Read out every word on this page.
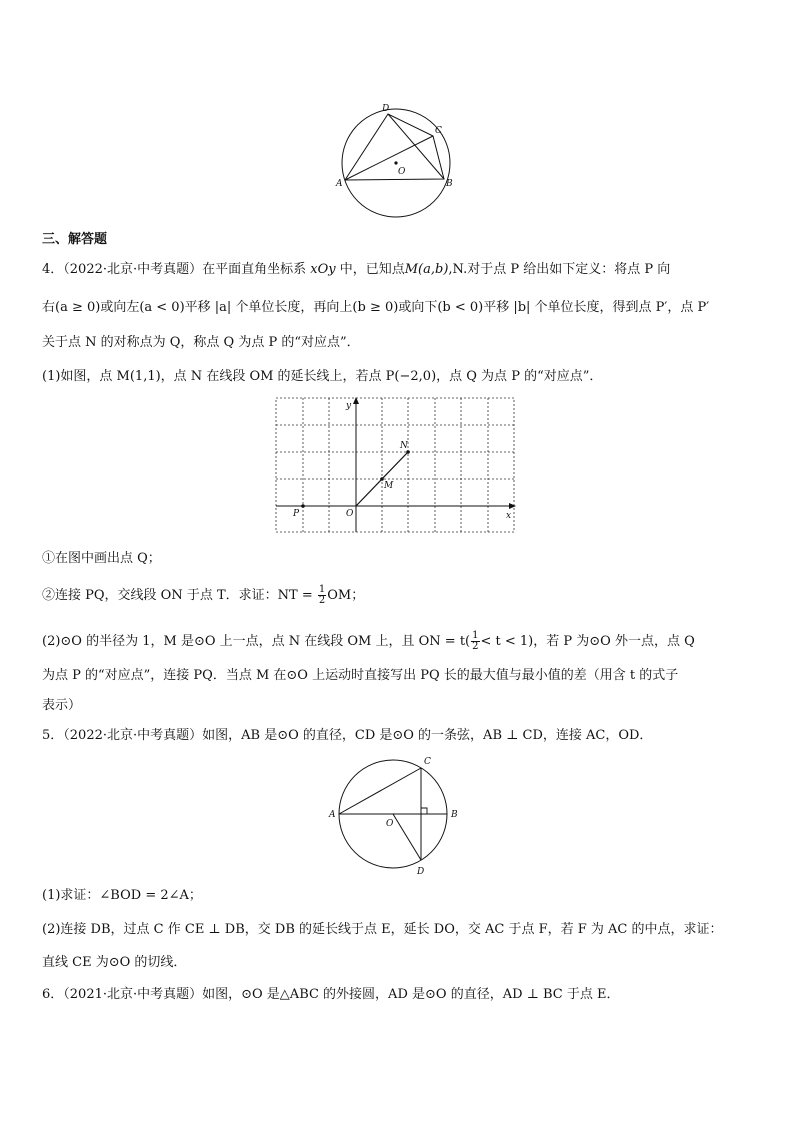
D
C
A	B
O
三、解答题
4．（2022·北京·中考真题）在平面直角坐标系 xOy 中，已知点M(a,b),N.对于点 P 给出如下定义：将点 P 向
右(a ≥ 0)或向左(a < 0)平移 |a| 个单位长度，再向上(b ≥ 0)或向下(b < 0)平移 |b| 个单位长度，得到点 P′，点 P′
关于点 N 的对称点为 Q，称点 Q 为点 P 的“对应点”．
(1)如图，点 M(1,1)，点 N 在线段 OM 的延长线上，若点 P(−2,0)，点 Q 为点 P 的“对应点”．
y
x
O
P
M
N
①在图中画出点 Q；
②连接 PQ，交线段 ON 于点 T．求证：NT = $\frac{1}{2}$ OM；
(2)⊙O 的半径为 1，M 是⊙O 上一点，点 N 在线段 OM 上，且 ON = $t( \frac{1}{2} < t < 1)$，若 P 为⊙O 外一点，点 Q
为点 P 的“对应点”，连接 PQ．当点 M 在⊙O 上运动时直接写出 PQ 长的最大值与最小值的差（用含 t 的式子
表示）
5．（2022·北京·中考真题）如图，AB 是⊙O 的直径，CD 是⊙O 的一条弦，AB ⊥ CD，连接 AC，OD．
C
A
O
B
D
(1)求证：∠BOD = 2∠A；
(2)连接 DB，过点 C 作 CE ⊥ DB，交 DB 的延长线于点 E，延长 DO，交 AC 于点 F，若 F 为 AC 的中点，求证：
直线 CE 为⊙O 的切线．
6．（2021·北京·中考真题）如图，⊙O 是△ABC 的外接圆，AD 是⊙O 的直径，AD ⊥ BC 于点 E．
